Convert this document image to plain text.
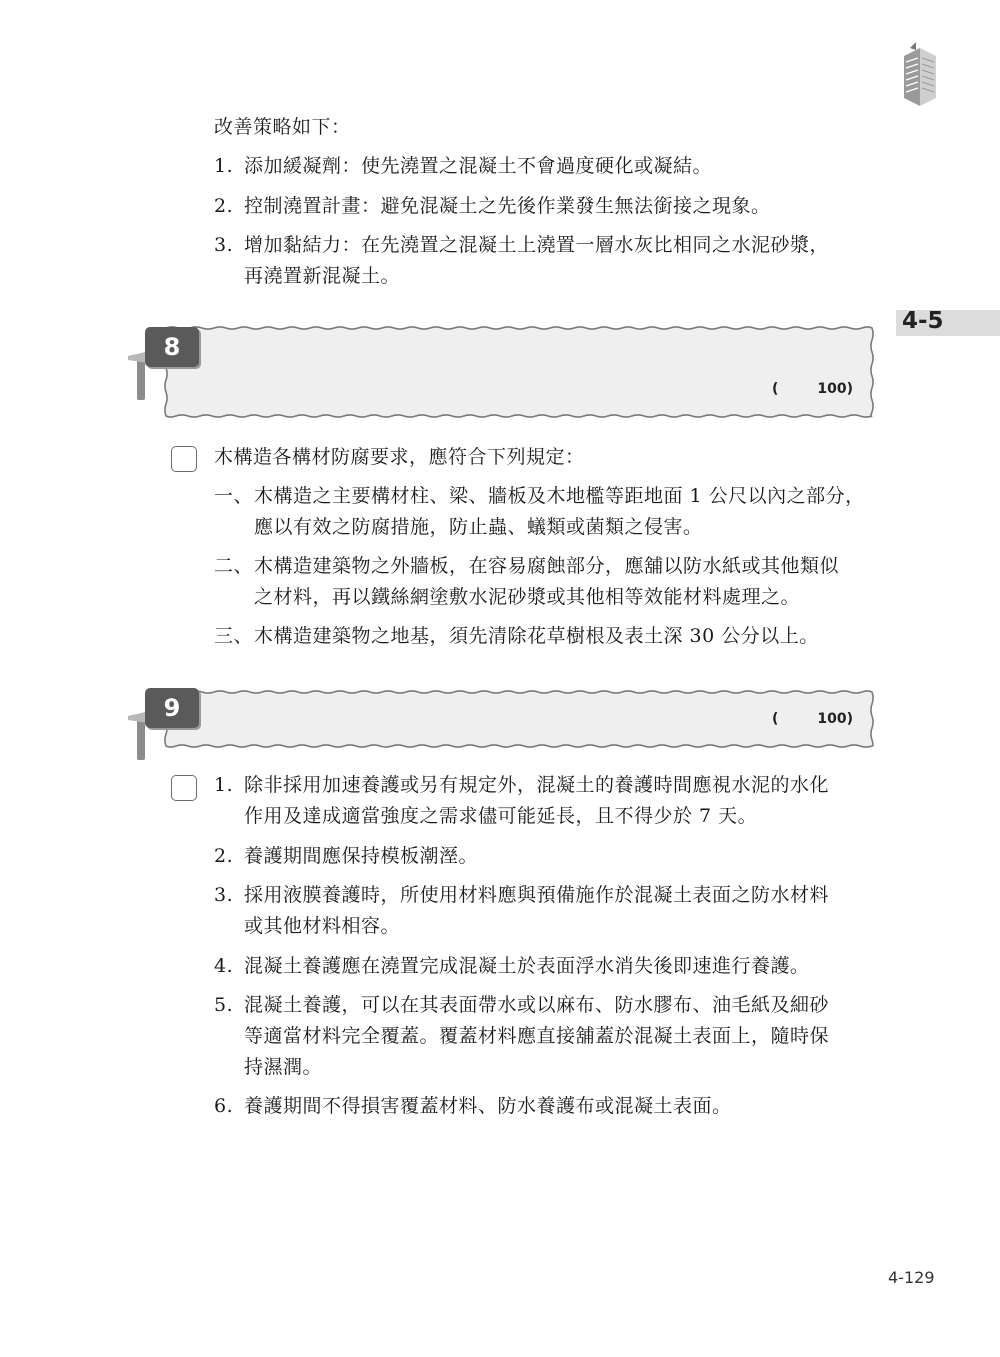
4-5
改善策略如下：
1. 添加緩凝劑：使先澆置之混凝土不會過度硬化或凝結。
2. 控制澆置計畫：避免混凝土之先後作業發生無法銜接之現象。
3. 增加黏結力：在先澆置之混凝土上澆置一層水灰比相同之水泥砂漿，
再澆置新混凝土。
8
(        100)
木構造各構材防腐要求，應符合下列規定：
一、 木構造之主要構材柱、梁、牆板及木地檻等距地面 1 公尺以內之部分，
應以有效之防腐措施，防止蟲、蟻類或菌類之侵害。
二、 木構造建築物之外牆板，在容易腐蝕部分，應舖以防水紙或其他類似
之材料，再以鐵絲網塗敷水泥砂漿或其他相等效能材料處理之。
三、 木構造建築物之地基，須先清除花草樹根及表土深 30 公分以上。
9	(        100)
1. 除非採用加速養護或另有規定外，混凝土的養護時間應視水泥的水化
作用及達成適當強度之需求儘可能延長，且不得少於 7 天。
2. 養護期間應保持模板潮溼。
3. 採用液膜養護時，所使用材料應與預備施作於混凝土表面之防水材料
或其他材料相容。
4. 混凝土養護應在澆置完成混凝土於表面浮水消失後即速進行養護。
5. 混凝土養護，可以在其表面帶水或以麻布、防水膠布、油毛紙及細砂
等適當材料完全覆蓋。覆蓋材料應直接舖蓋於混凝土表面上，隨時保
持濕潤。
6. 養護期間不得損害覆蓋材料、防水養護布或混凝土表面。
4-129
